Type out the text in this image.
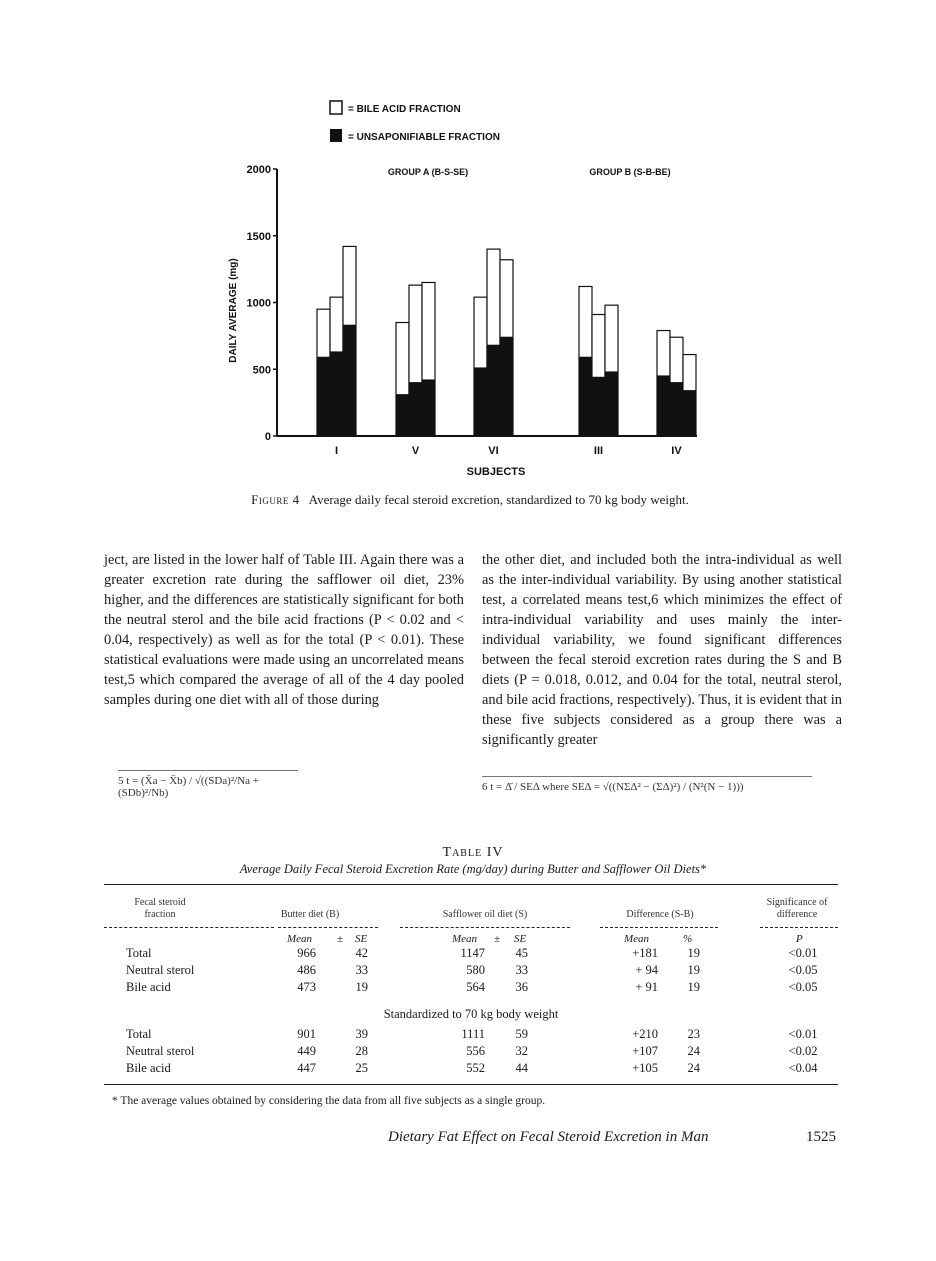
= BILE ACID FRACTION
= UNSAPONIFIABLE FRACTION
0
500
1000
1500
2000
DAILY AVERAGE (mg)
SUBJECTS
GROUP A (B-S-SE)	GROUP B (S-B-BE)
I	V	VI	III	IV
Figure 4 Average daily fecal steroid excretion, standardized to 70 kg body weight.
ject, are listed in the lower half of Table III. Again there was a greater excretion rate during the safflower oil diet, 23% higher, and the differences are statistically significant for both the neutral sterol and the bile acid fractions (P < 0.02 and < 0.04, respectively) as well as for the total (P < 0.01). These statistical evaluations were made using an uncorrelated means test,5 which compared the average of all of the 4 day pooled samples during one diet with all of those during
the other diet, and included both the intra-individual as well as the inter-individual variability. By using another statistical test, a correlated means test,6 which minimizes the effect of intra-individual variability and uses mainly the inter-individual variability, we found significant differences between the fecal steroid excretion rates during the S and B diets (P = 0.018, 0.012, and 0.04 for the total, neutral sterol, and bile acid fractions, respectively). Thus, it is evident that in these five subjects considered as a group there was a significantly greater
5 t = (X̄a − X̄b) / √((SDa)²/Na + (SDb)²/Nb)	6 t = Δ̄ / SEΔ where SEΔ = √((NΣΔ² − (ΣΔ)²) / (N²(N − 1)))
Table IV
Average Daily Fecal Steroid Excretion Rate (mg/day) during Butter and Safflower Oil Diets*
Fecal steroid fraction	Butter diet (B)	Safflower oil diet (S)	Difference (S-B)
Significance of difference
Mean ± SE	Mean ± SE	Mean	%	P
Total	966	42	1147	45	+181	19	<0.01
Neutral sterol	486	33	580	33	+ 94	19	<0.05
Bile acid	473	19	564	36	+ 91	19	<0.05
Standardized to 70 kg body weight
Total	901	39	1111	59	+210	23	<0.01
Neutral sterol	449	28	556	32	+107	24	<0.02
Bile acid	447	25	552	44	+105	24	<0.04
* The average values obtained by considering the data from all five subjects as a single group.
Dietary Fat Effect on Fecal Steroid Excretion in Man	1525
